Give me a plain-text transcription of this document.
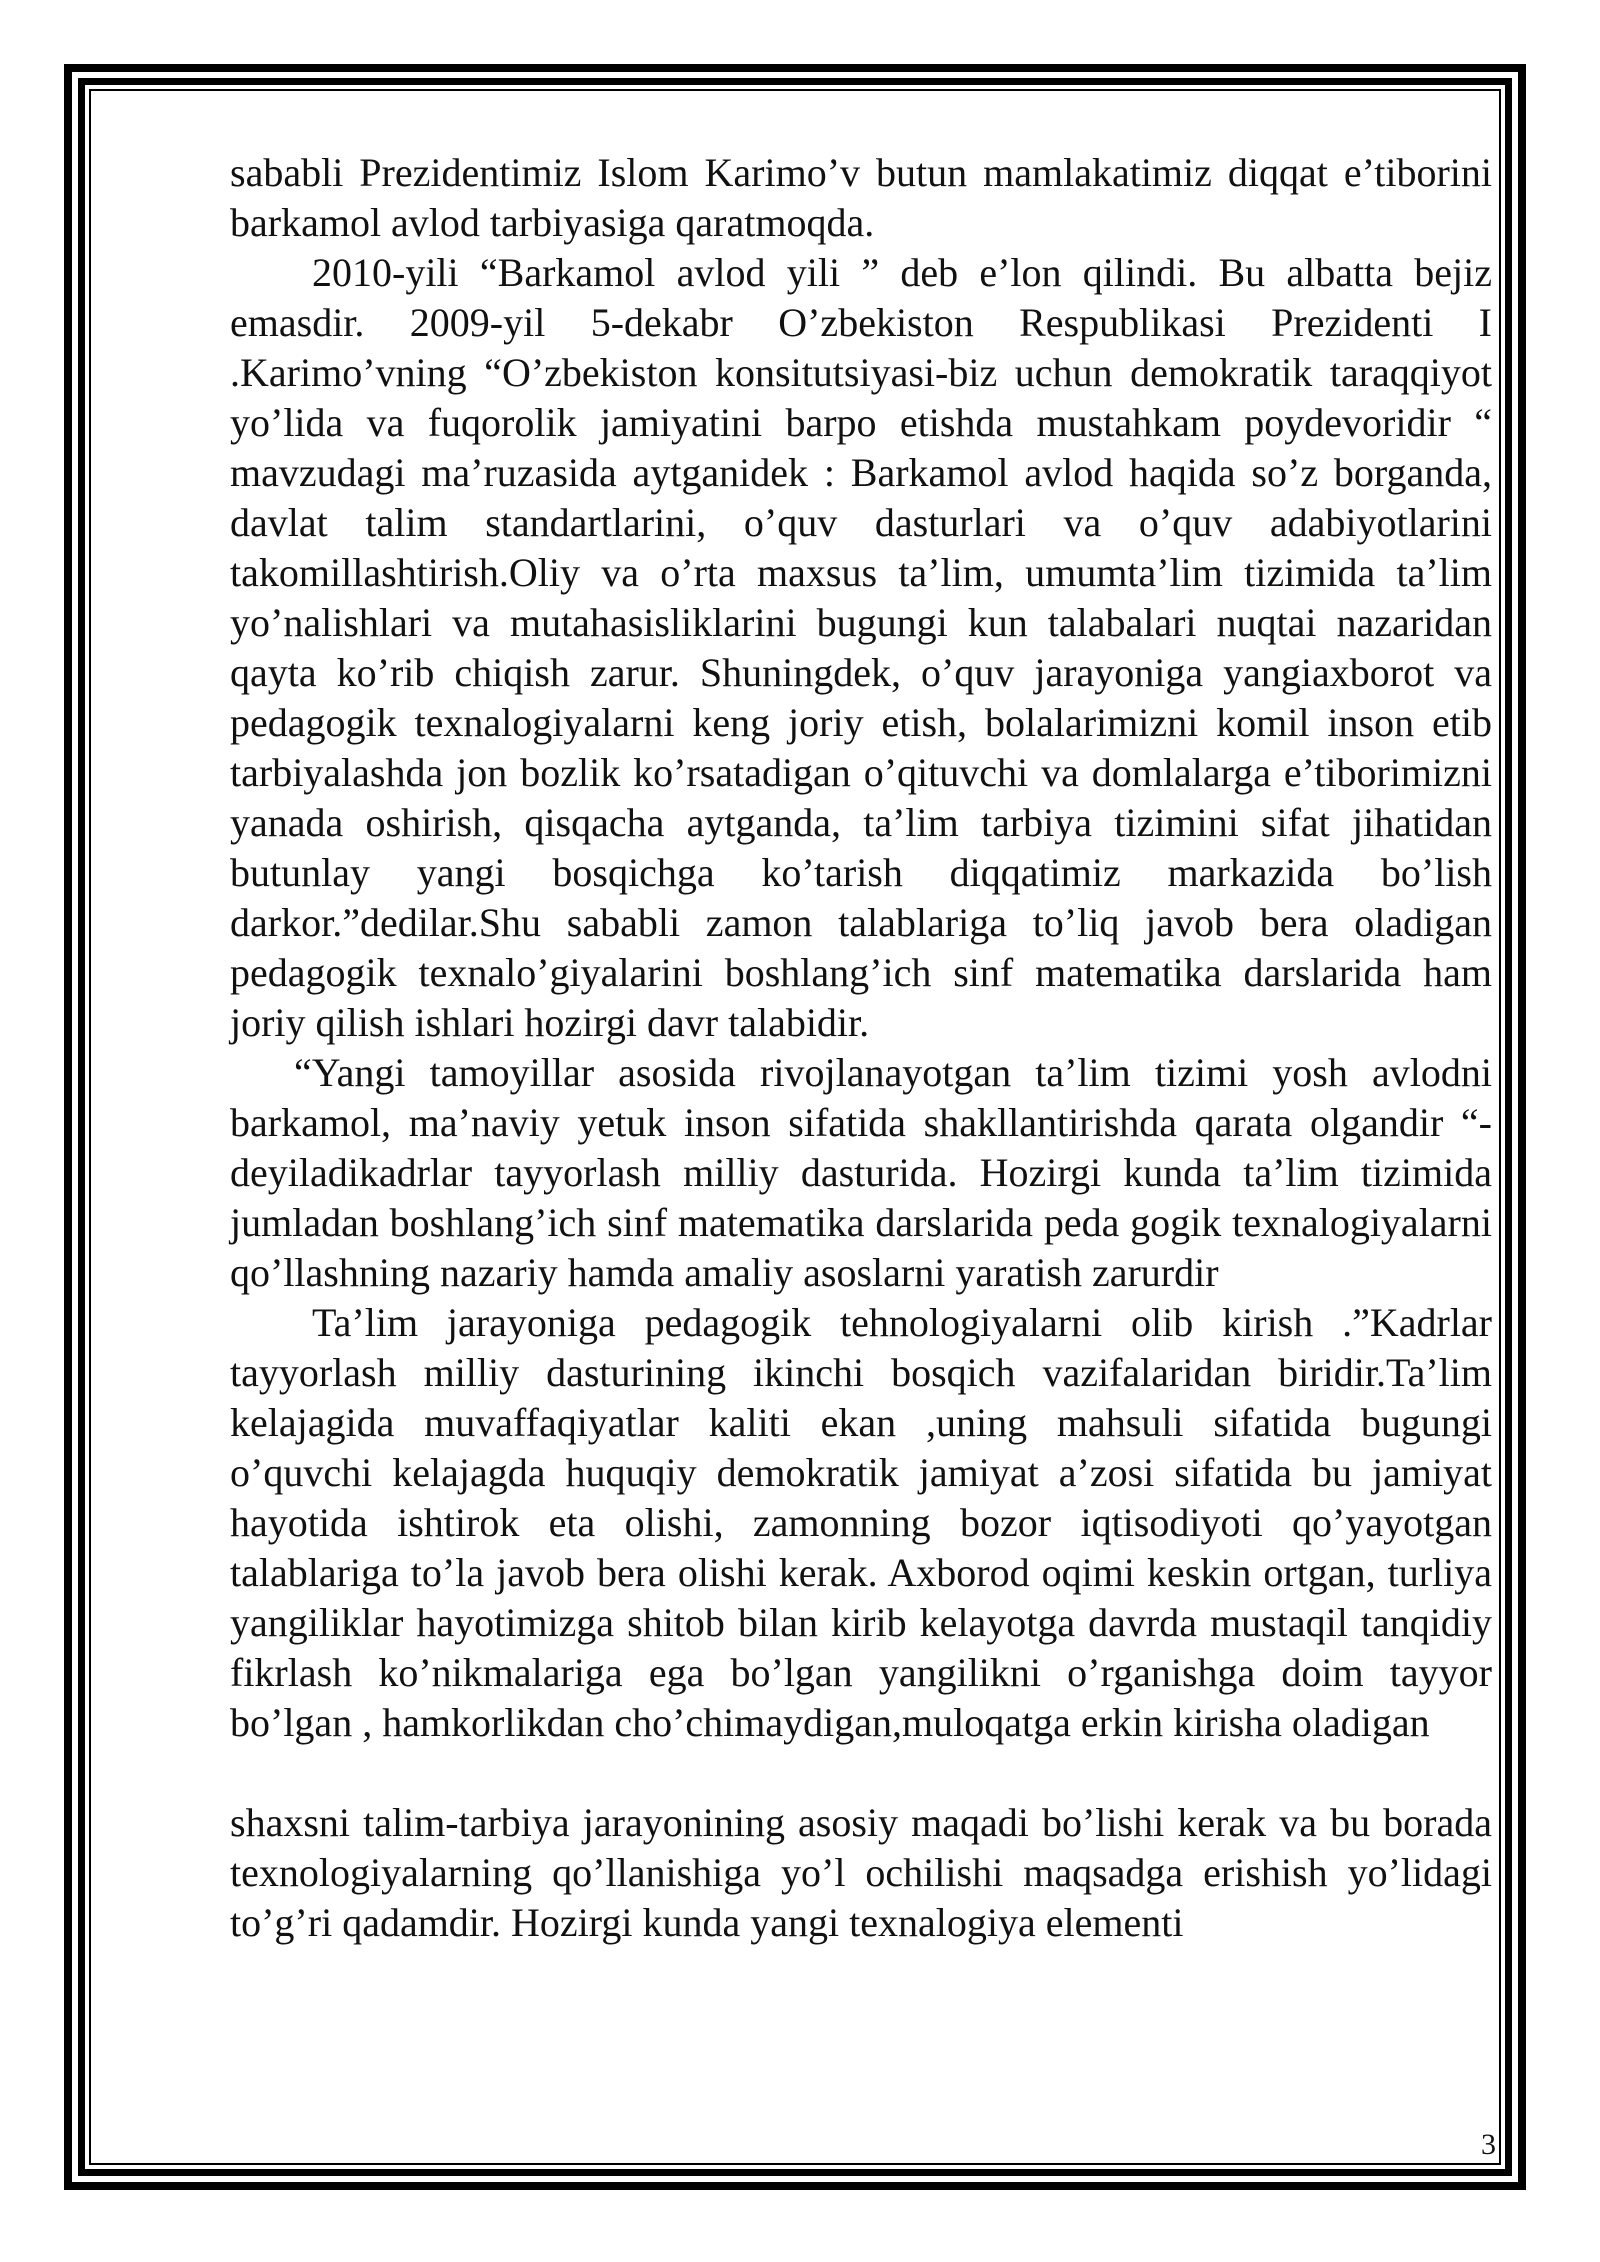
sababli Prezidentimiz Islom Karimo’v butun mamlakatimiz diqqat e’tiborini barkamol avlod tarbiyasiga qaratmoqda.

2010-yili “Barkamol avlod yili ” deb e’lon qilindi. Bu albatta bejiz emasdir. 2009-yil 5-dekabr O’zbekiston Respublikasi Prezidenti I .Karimo’vning “O’zbekiston konsitutsiyasi-biz uchun demokratik taraqqiyot yo’lida va fuqorolik jamiyatini barpo etishda mustahkam poydevoridir “ mavzudagi ma’ruzasida aytganidek : Barkamol avlod haqida so’z borganda, davlat talim standartlarini, o’quv dasturlari va o’quv adabiyotlarini takomillashtirish.Oliy va o’rta maxsus ta’lim, umumta’lim tizimida ta’lim yo’nalishlari va mutahasisliklarini bugungi kun talabalari nuqtai nazaridan qayta ko’rib chiqish zarur. Shuningdek, o’quv jarayoniga yangiaxborot va pedagogik texnalogiyalarni keng joriy etish, bolalarimizni komil inson etib tarbiyalashda jon bozlik ko’rsatadigan o’qituvchi va domlalarga e’tiborimizni yanada oshirish, qisqacha aytganda, ta’lim tarbiya tizimini sifat jihatidan butunlay yangi bosqichga ko’tarish diqqatimiz markazida bo’lish darkor.”dedilar.Shu sababli zamon talablariga to’liq javob bera oladigan pedagogik texnalo’giyalarini boshlang’ich sinf matematika darslarida ham joriy qilish ishlari hozirgi davr talabidir.

“Yangi tamoyillar asosida rivojlanayotgan ta’lim tizimi yosh avlodni barkamol, ma’naviy yetuk inson sifatida shakllantirishda qarata olgandir “-deyiladikadrlar tayyorlash milliy dasturida. Hozirgi kunda ta’lim tizimida jumladan boshlang’ich sinf matematika darslarida peda gogik texnalogiyalarni qo’llashning nazariy hamda amaliy asoslarni yaratish zarurdir

Ta’lim jarayoniga pedagogik tehnologiyalarni olib kirish .”Kadrlar tayyorlash milliy dasturining ikinchi bosqich vazifalaridan biridir.Ta’lim kelajagida muvaffaqiyatlar kaliti ekan ,uning mahsuli sifatida bugungi o’quvchi kelajagda huquqiy demokratik jamiyat a’zosi sifatida bu jamiyat hayotida ishtirok eta olishi, zamonning bozor iqtisodiyoti qo’yayotgan talablariga to’la javob bera olishi kerak. Axborod oqimi keskin ortgan, turliya yangiliklar hayotimizga shitob bilan kirib kelayotga davrda mustaqil tanqidiy fikrlash ko’nikmalariga ega bo’lgan yangilikni o’rganishga doim tayyor bo’lgan , hamkorlikdan cho’chimaydigan,muloqatga erkin kirisha oladigan

shaxsni talim-tarbiya jarayonining asosiy maqadi bo’lishi kerak va bu borada texnologiyalarning qo’llanishiga yo’l ochilishi maqsadga erishish yo’lidagi to’g’ri qadamdir. Hozirgi kunda yangi texnalogiya elementi

3
